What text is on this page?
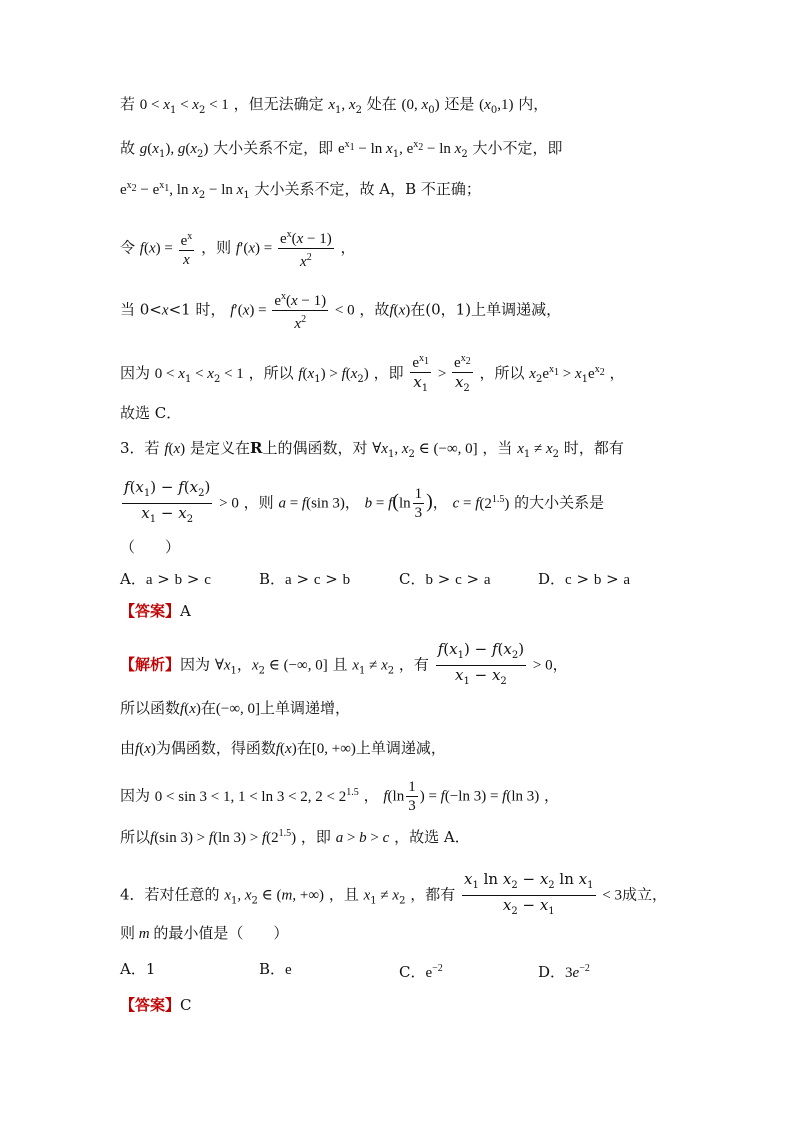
若 $0 < x_1 < x_2 < 1$ ，但无法确定 $x_1$, $x_2$ 处在 (0, $x_0$) 还是 $(x_0,1)$ 内，
故 $g(x_1)$, $g(x_2)$ 大小关系不定，即 $e^{x_1} - \ln x_1$, $e^{x_2} - \ln x_2$ 大小不定，即
$e^{x_2} - e^{x_1}$, $\ln x_2 - \ln x_1$ 大小关系不定，故 A，B 不正确；
令 $f(x) = \frac{e^x}{x}$ ，则 $f'(x) = \frac{e^x(x - 1)}{x^2}$ ，
当 0<x<1 时， $f'(x) = \frac{e^x(x - 1)}{x^2} < 0$ ，故f(x)在(0，1)上单调递减，
因为 $0 < x_1 < x_2 < 1$ ，所以 $f(x_1) > f(x_2)$ ，即 $\frac{e^{x_1}}{x_1} > \frac{e^{x_2}}{x_2}$ ，所以 $x_2e^{x_1} > x_1e^{x_2}$ ，
故选 C．
3．若 f(x) 是定义在R上的偶函数，对 $\forall x_1$, $x_2$ ∈ (−∞, 0] ，当 $x_1 \ne x_2$ 时，都有
$\frac{f(x_1) - f(x_2)}{x_1 - x_2} > 0$ ，则 a = f(sin 3)， $b = f(\ln \frac{1}{3}$ )， $c = f(2^{1.5})$ 的大小关系是
（　　）
A．a > b > c	B．a > c > b	C．b > c > a	D．c > b > a
【答案】A
【解析】因为 $\forall x_1$，$x_2$ ∈ (−∞, 0] 且 $x_1 \ne x_2$ ，有 $\frac{f(x_1) - f(x_2)}{x_1 - x_2} > 0$，
所以函数f(x)在(−∞, 0]上单调递增，
由f(x)为偶函数，得函数f(x)在[0, +∞)上单调递减，
因为 0 < sin 3 < 1, 1 < ln 3 < 2, $2 < 2^{1.5}$ ， $f(\ln \frac{1}{3}$ ) = f(−ln 3) = f(ln 3) ，
所以f(sin 3) > f(ln $3) > f(2^{1.5})$ ，即 a > b > c ，故选 A．
4．若对任意的 $x_1$, $x_2$ ∈ (m, +∞) ，且 $x_1 \ne x_2$ ，都有 $\frac{x_1 \ln x_2 - x_2 \ln x_1}{x_2 - x_1} < 3$成立，
则 m 的最小值是（　　）
A．1	B．e	C．$e^{-2}$	D．$3e^{-2}$
【答案】C
